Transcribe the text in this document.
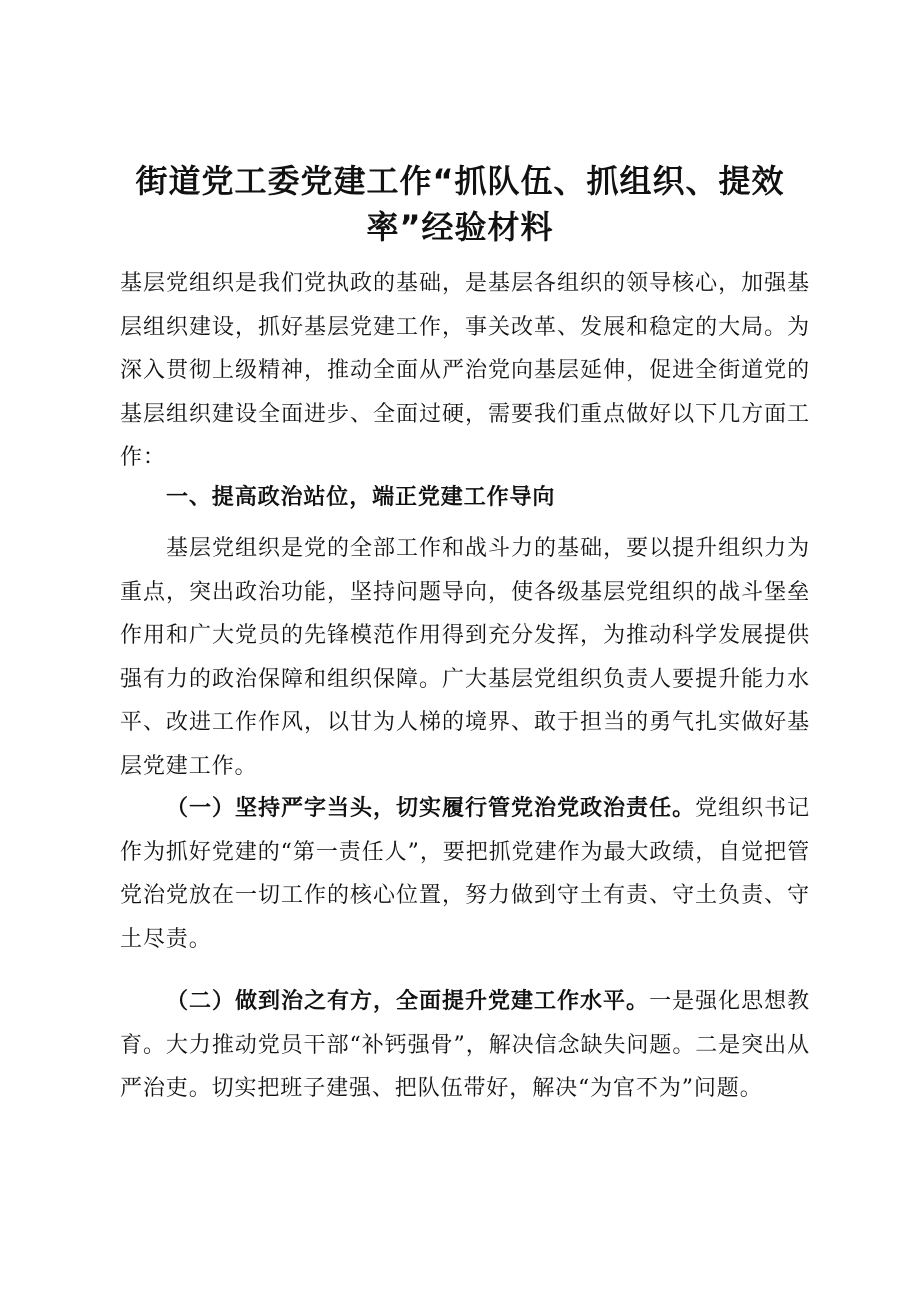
街道党工委党建工作“抓队伍、抓组织、提效率”经验材料

基层党组织是我们党执政的基础，是基层各组织的领导核心，加强基层组织建设，抓好基层党建工作，事关改革、发展和稳定的大局。为深入贯彻上级精神，推动全面从严治党向基层延伸，促进全街道党的基层组织建设全面进步、全面过硬，需要我们重点做好以下几方面工作：

一、提高政治站位，端正党建工作导向

基层党组织是党的全部工作和战斗力的基础，要以提升组织力为重点，突出政治功能，坚持问题导向，使各级基层党组织的战斗堡垒作用和广大党员的先锋模范作用得到充分发挥，为推动科学发展提供强有力的政治保障和组织保障。广大基层党组织负责人要提升能力水平、改进工作作风，以甘为人梯的境界、敢于担当的勇气扎实做好基层党建工作。

（一）坚持严字当头，切实履行管党治党政治责任。党组织书记作为抓好党建的“第一责任人”，要把抓党建作为最大政绩，自觉把管党治党放在一切工作的核心位置，努力做到守土有责、守土负责、守土尽责。

（二）做到治之有方，全面提升党建工作水平。一是强化思想教育。大力推动党员干部“补钙强骨”，解决信念缺失问题。二是突出从严治吏。切实把班子建强、把队伍带好，解决“为官不为”问题。
